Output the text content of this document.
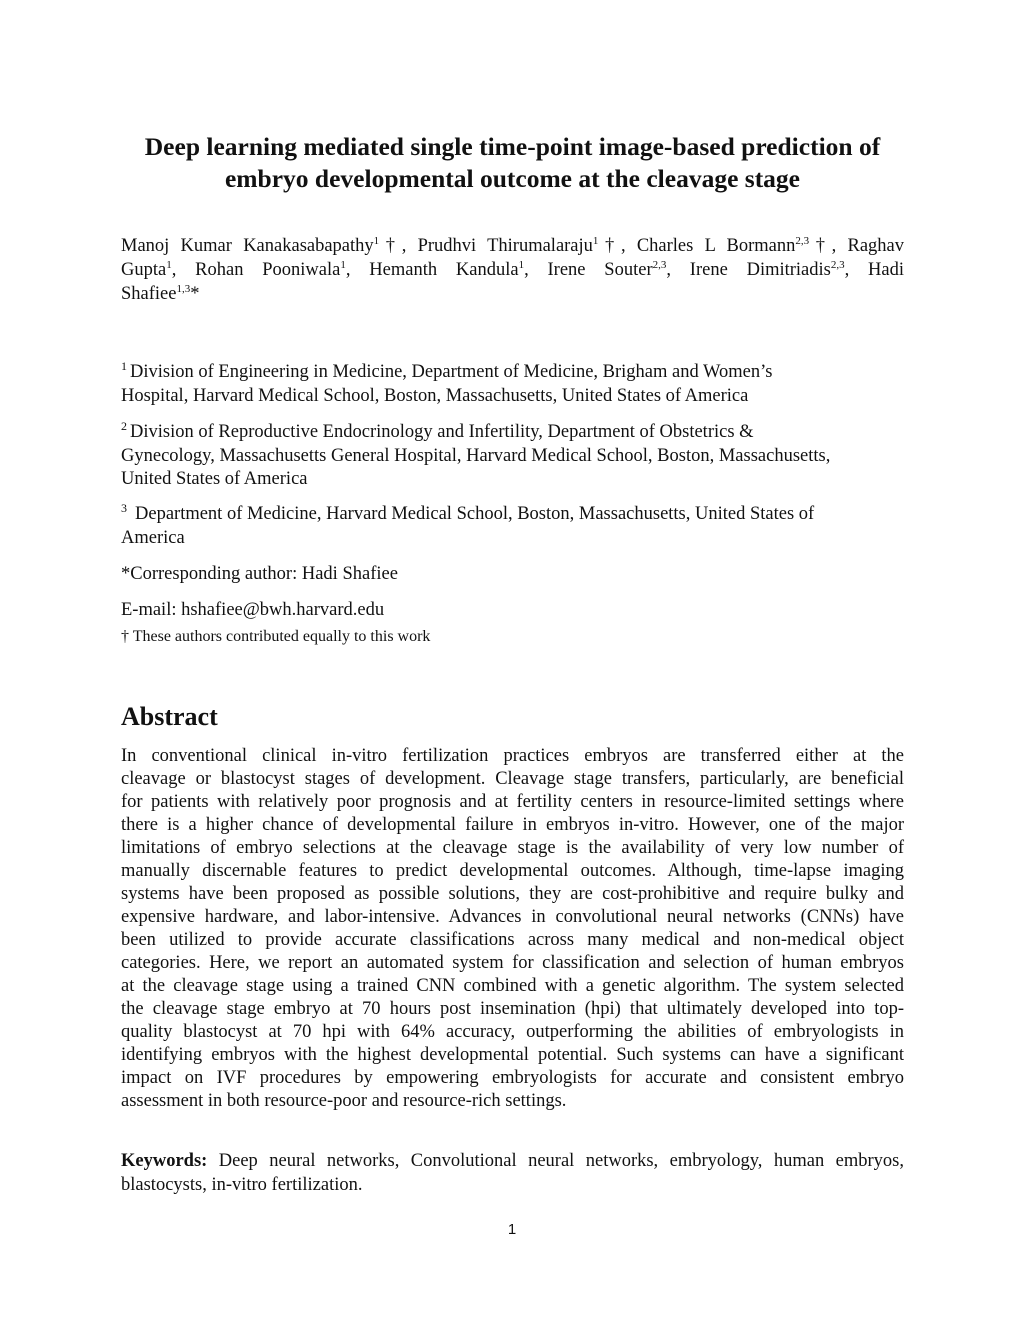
Deep learning mediated single time-point image-based prediction of
embryo developmental outcome at the cleavage stage
Manoj Kumar Kanakasabapathy$^1$†, Prudhvi Thirumalaraju$^1$†, Charles L Bormann$^{2,3}$†, Raghav
Gupta$^1$, Rohan Pooniwala$^1$, Hemanth Kandula$^1$, Irene Souter$^{2,3}$, Irene Dimitriadis$^{2,3}$, Hadi
Shafiee$^{1,3}$*
$^1$ Division of Engineering in Medicine, Department of Medicine, Brigham and Women’s
Hospital, Harvard Medical School, Boston, Massachusetts, United States of America
$^2$ Division of Reproductive Endocrinology and Infertility, Department of Obstetrics &
Gynecology, Massachusetts General Hospital, Harvard Medical School, Boston, Massachusetts,
United States of America
$^3$ Department of Medicine, Harvard Medical School, Boston, Massachusetts, United States of
America
*Corresponding author: Hadi Shafiee
E-mail: hshafiee@bwh.harvard.edu
† These authors contributed equally to this work
Abstract
In conventional clinical in-vitro fertilization practices embryos are transferred either at the
cleavage or blastocyst stages of development. Cleavage stage transfers, particularly, are beneficial
for patients with relatively poor prognosis and at fertility centers in resource-limited settings where
there is a higher chance of developmental failure in embryos in-vitro. However, one of the major
limitations of embryo selections at the cleavage stage is the availability of very low number of
manually discernable features to predict developmental outcomes. Although, time-lapse imaging
systems have been proposed as possible solutions, they are cost-prohibitive and require bulky and
expensive hardware, and labor-intensive. Advances in convolutional neural networks (CNNs) have
been utilized to provide accurate classifications across many medical and non-medical object
categories. Here, we report an automated system for classification and selection of human embryos
at the cleavage stage using a trained CNN combined with a genetic algorithm. The system selected
the cleavage stage embryo at 70 hours post insemination (hpi) that ultimately developed into top-
quality blastocyst at 70 hpi with 64% accuracy, outperforming the abilities of embryologists in
identifying embryos with the highest developmental potential. Such systems can have a significant
impact on IVF procedures by empowering embryologists for accurate and consistent embryo
assessment in both resource-poor and resource-rich settings.
Keywords: Deep neural networks, Convolutional neural networks, embryology, human embryos,
blastocysts, in-vitro fertilization.
1
